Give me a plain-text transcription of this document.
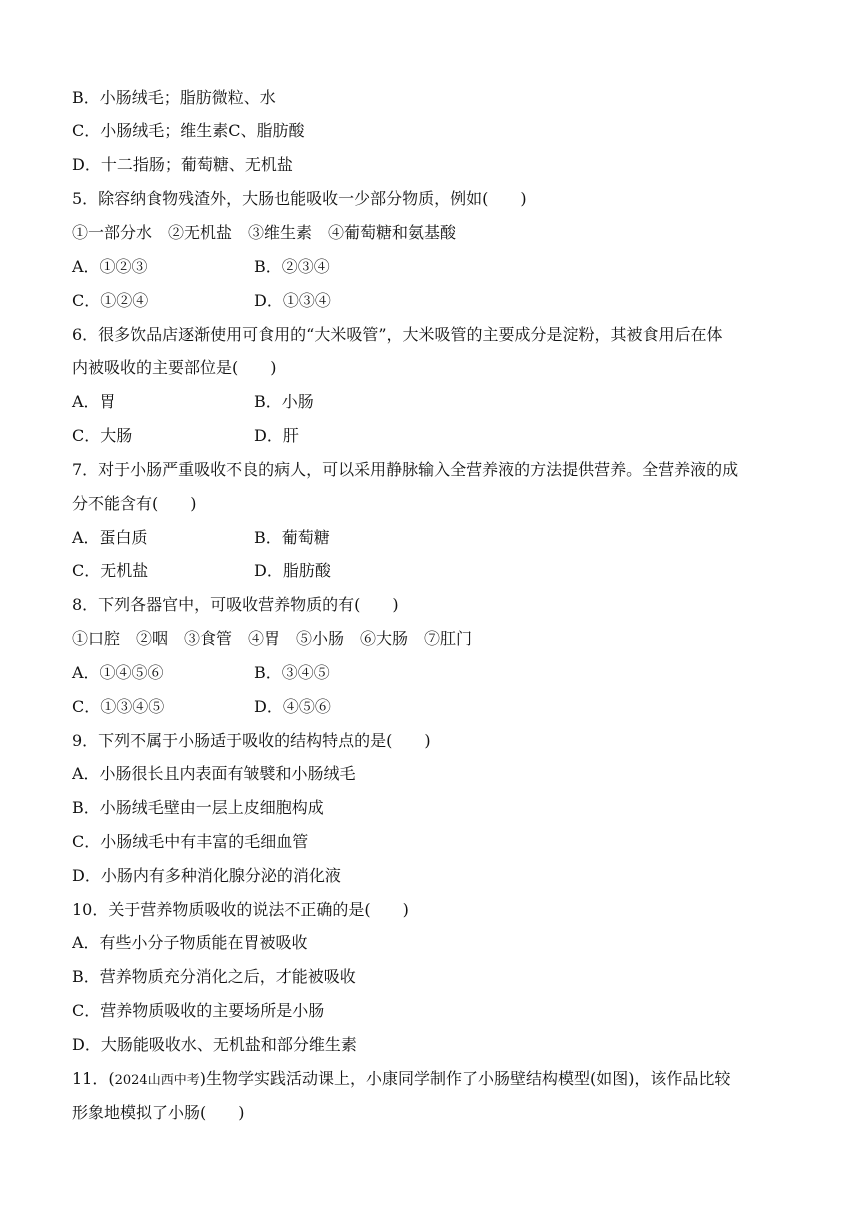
B．小肠绒毛；脂肪微粒、水
C．小肠绒毛；维生素C、脂肪酸
D．十二指肠；葡萄糖、无机盐
5．除容纳食物残渣外，大肠也能吸收一少部分物质，例如(　　)
①一部分水　②无机盐　③维生素　④葡萄糖和氨基酸
A．①②③	B．②③④
C．①②④	D．①③④
6．很多饮品店逐渐使用可食用的“大米吸管”，大米吸管的主要成分是淀粉，其被食用后在体
内被吸收的主要部位是(　　)
A．胃	B．小肠
C．大肠	D．肝
7．对于小肠严重吸收不良的病人，可以采用静脉输入全营养液的方法提供营养。全营养液的成
分不能含有(　　)
A．蛋白质	B．葡萄糖
C．无机盐	D．脂肪酸
8．下列各器官中，可吸收营养物质的有(　　)
①口腔　②咽　③食管　④胃　⑤小肠　⑥大肠　⑦肛门
A．①④⑤⑥	B．③④⑤
C．①③④⑤	D．④⑤⑥
9．下列不属于小肠适于吸收的结构特点的是(　　)
A．小肠很长且内表面有皱襞和小肠绒毛
B．小肠绒毛壁由一层上皮细胞构成
C．小肠绒毛中有丰富的毛细血管
D．小肠内有多种消化腺分泌的消化液
10．关于营养物质吸收的说法不正确的是(　　)
A．有些小分子物质能在胃被吸收
B．营养物质充分消化之后，才能被吸收
C．营养物质吸收的主要场所是小肠
D．大肠能吸收水、无机盐和部分维生素
11．(2024山西中考)生物学实践活动课上，小康同学制作了小肠壁结构模型(如图)，该作品比较
形象地模拟了小肠(　　)
